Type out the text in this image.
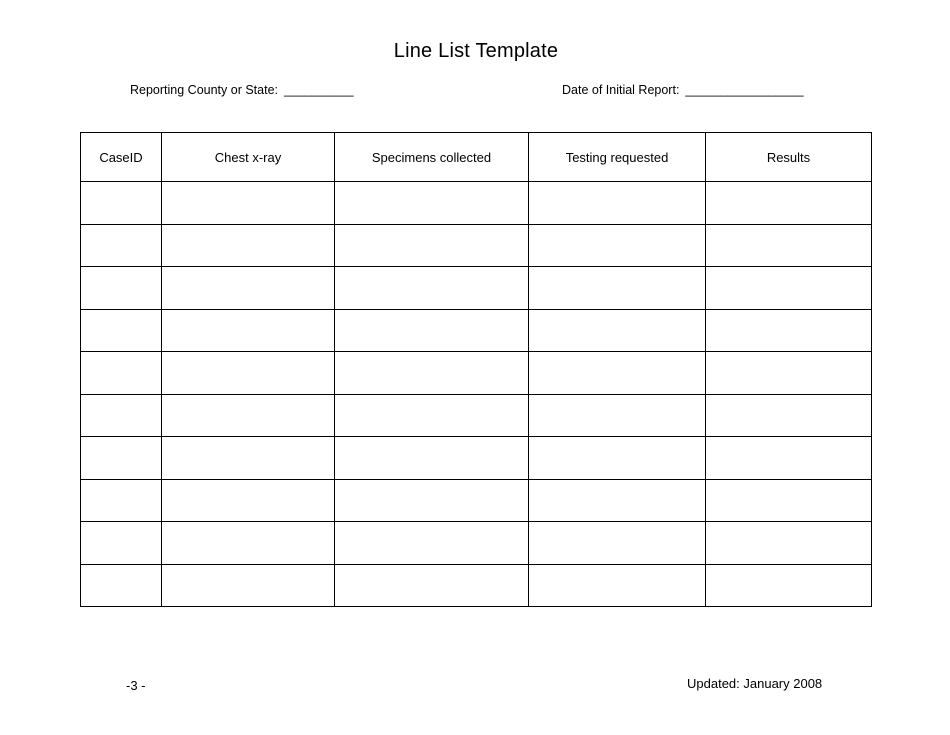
Line List Template
Reporting County or State: __________	Date of Initial Report: _________________
CaseID	Chest x-ray	Specimens collected	Testing requested	Results

-3 -	Updated: January 2008
